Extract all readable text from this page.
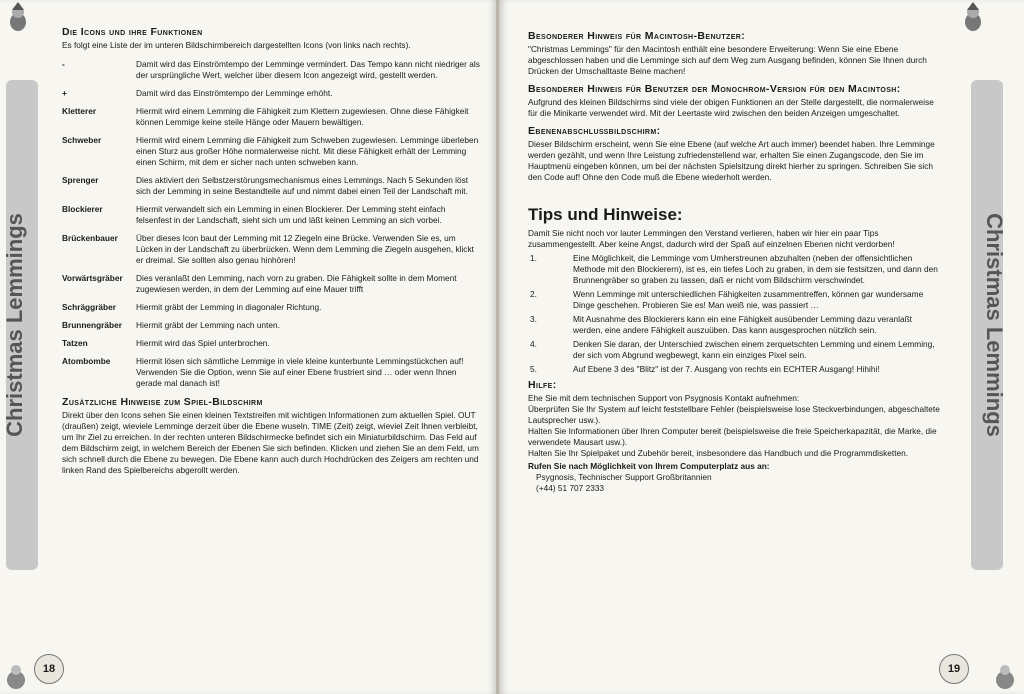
Christmas Lemmings
Die Icons und ihre Funktionen

Es folgt eine Liste der im unteren Bildschirmbereich dargestellten Icons (von links nach rechts).

-	Damit wird das Einströmtempo der Lemminge vermindert. Das Tempo kann nicht niedriger als der ursprüngliche Wert, welcher über diesem Icon angezeigt wird, gestellt werden.
+	Damit wird das Einströmtempo der Lemminge erhöht.
Kletterer	Hiermit wird einem Lemming die Fähigkeit zum Klettern zugewiesen. Ohne diese Fähigkeit können Lemmige keine steile Hänge oder Mauern bewältigen.
Schweber	Hiermit wird einem Lemming die Fähigkeit zum Schweben zugewiesen. Lemminge überleben einen Sturz aus großer Höhe normalerweise nicht. Mit diese Fähigkeit erhält der Lemming einen Schirm, mit dem er sicher nach unten schweben kann.
Sprenger	Dies aktiviert den Selbstzerstörungsmechanismus eines Lemmings. Nach 5 Sekunden löst sich der Lemming in seine Bestandteile auf und nimmt dabei einen Teil der Landschaft mit.
Blockierer	Hiermit verwandelt sich ein Lemming in einen Blockierer. Der Lemming steht einfach felsenfest in der Landschaft, sieht sich um und läßt keinen Lemming an sich vorbei.
Brückenbauer	Über dieses Icon baut der Lemming mit 12 Ziegeln eine Brücke. Verwenden Sie es, um Lücken in der Landschaft zu überbrücken. Wenn dem Lemming die Ziegeln ausgehen, klickt er dreimal. Sie sollten also genau hinhören!
Vorwärtsgräber	Dies veranlaßt den Lemming, nach vorn zu graben. Die Fähigkeit sollte in dem Moment zugewiesen werden, in dem der Lemming auf eine Mauer trifft
Schräggräber	Hiermit gräbt der Lemming in diagonaler Richtung.
Brunnengräber	Hiermit gräbt der Lemming nach unten.
Tatzen	Hiermit wird das Spiel unterbrochen.
Atombombe	Hiermit lösen sich sämtliche Lemmige in viele kleine kunterbunte Lemmingstückchen auf! Verwenden Sie die Option, wenn Sie auf einer Ebene frustriert sind … oder wenn Ihnen gerade mal danach ist!
Zusätzliche Hinweise zum Spiel-Bildschirm

Direkt über den Icons sehen Sie einen kleinen Textstreifen mit wichtigen Informationen zum aktuellen Spiel. OUT (draußen) zeigt, wieviele Lemminge derzeit über die Ebene wuseln. TIME (Zeit) zeigt, wieviel Zeit Ihnen verbleibt, um Ihr Ziel zu erreichen. In der rechten unteren Bildschirmecke befindet sich ein Miniaturbildschirm. Das Feld auf dem Bildschirm zeigt, in welchem Bereich der Ebenen Sie sich befinden. Klicken und ziehen Sie an dem Feld, um sich schnell durch die Ebene zu bewegen. Die Ebene kann auch durch Hochdrücken des Zeigers am rechten und linken Rand des Spielbereichs abgerollt werden.

18
Christmas Lemmings
Besonderer Hinweis für Macintosh-Benutzer:

"Christmas Lemmings" für den Macintosh enthält eine besondere Erweiterung: Wenn Sie eine Ebene abgeschlossen haben und die Lemminge sich auf dem Weg zum Ausgang befinden, können Sie Ihnen durch Drücken der Umschalltaste Beine machen!

Besonderer Hinweis für Benutzer der Monochrom-Version für den Macintosh:

Aufgrund des kleinen Bildschirms sind viele der obigen Funktionen an der Stelle dargestellt, die normalerweise für die Minikarte verwendet wird. Mit der Leertaste wird zwischen den beiden Anzeigen umgeschaltet.

Ebenenabschlußbildschirm:

Dieser Bildschirm erscheint, wenn Sie eine Ebene (auf welche Art auch immer) beendet haben. Ihre Lemminge werden gezählt, und wenn Ihre Leistung zufriedenstellend war, erhalten Sie einen Zugangscode, den Sie im Hauptmenü eingeben können, um bei der nächsten Spielsitzung direkt hierher zu springen. Schreiben Sie sich den Code auf! Ohne den Code muß die Ebene wiederholt werden.

Tips und Hinweise:

Damit Sie nicht noch vor lauter Lemmingen den Verstand verlieren, haben wir hier ein paar Tips zusammengestellt. Aber keine Angst, dadurch wird der Spaß auf einzelnen Ebenen nicht verdorben!

1.	Eine Möglichkeit, die Lemminge vom Umherstreunen abzuhalten (neben der offensichtlichen Methode mit den Blockierern), ist es, ein tiefes Loch zu graben, in dem sie festsitzen, und dann den Brunnengräber so graben zu lassen, daß er nicht vom Bildschirm verschwindet.
2.	Wenn Lemminge mit unterschiedlichen Fähigkeiten zusammentreffen, können gar wundersame Dinge geschehen. Probieren Sie es! Man weiß nie, was passiert …
3.	Mit Ausnahme des Blockierers kann ein eine Fähigkeit ausübender Lemming dazu veranlaßt werden, eine andere Fähigkeit auszuüben. Das kann ausgesprochen nützlich sein.
4.	Denken Sie daran, der Unterschied zwischen einem zerquetschten Lemming und einem Lemming, der sich vom Abgrund wegbewegt, kann ein einziges Pixel sein.
5.	Auf Ebene 3 des "Blitz" ist der 7. Ausgang von rechts ein ECHTER Ausgang! Hihihi!
Hilfe:

Ehe Sie mit dem technischen Support von Psygnosis Kontakt aufnehmen:

Überprüfen Sie Ihr System auf leicht feststellbare Fehler (beispielsweise lose Steckverbindungen, abgeschaltete Lautsprecher usw.).

Halten Sie Informationen über Ihren Computer bereit (beispielsweise die freie Speicherkapazität, die Marke, die verwendete Mausart usw.).

Halten Sie Ihr Spielpaket und Zubehör bereit, insbesondere das Handbuch und die Programmdisketten.

Rufen Sie nach Möglichkeit von Ihrem Computerplatz aus an:

Psygnosis, Technischer Support Großbritannien

(+44) 51 707 2333

19
